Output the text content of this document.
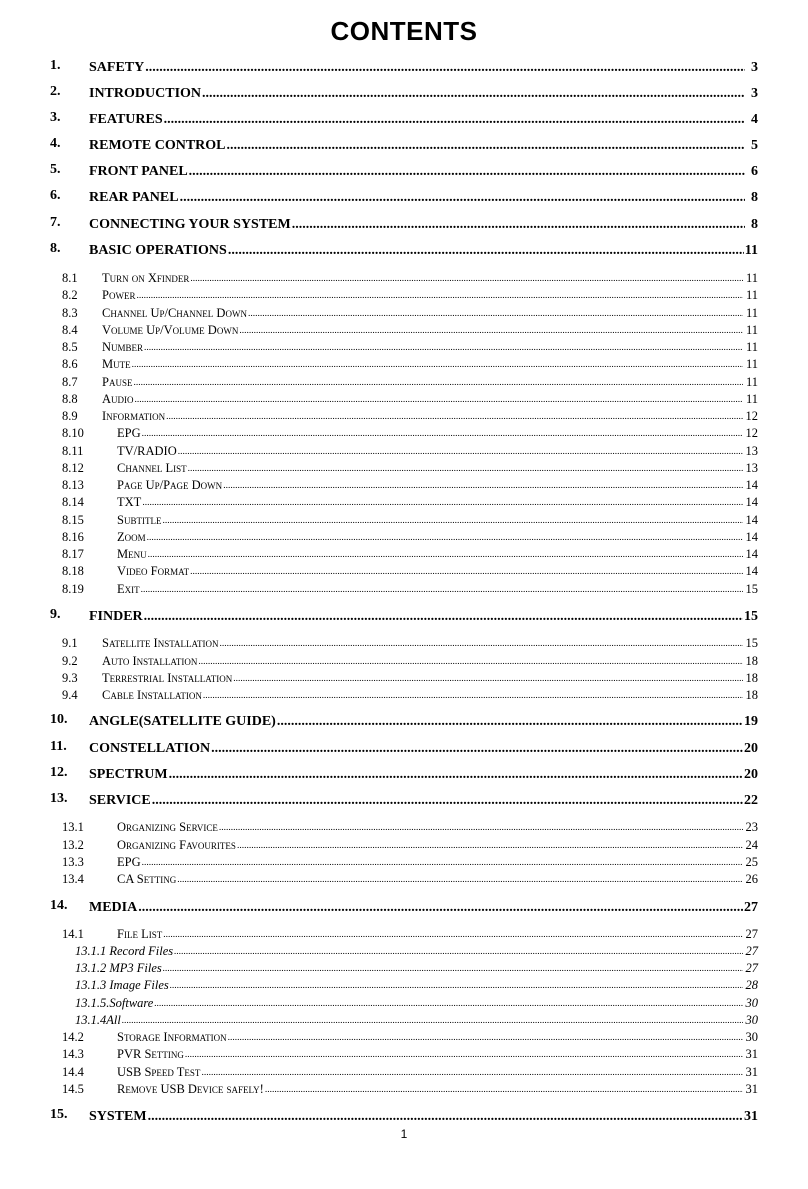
CONTENTS
1. SAFETY .....	3
2. INTRODUCTION .....	3
3. FEATURES .....	4
4. REMOTE CONTROL .....	5
5. FRONT PANEL .....	6
6. REAR PANEL .....	8
7. CONNECTING YOUR SYSTEM .....	8
8. BASIC OPERATIONS .....	11
8.1	Turn on Xfinder .....	11
8.2	Power .....	11
8.3	Channel Up/Channel Down .....	11
8.4	Volume Up/Volume Down .....	11
8.5	Number .....	11
8.6	Mute .....	11
8.7	Pause .....	11
8.8	Audio .....	11
8.9	Information .....	12
8.10	EPG .....	12
8.11	TV/RADIO .....	13
8.12	Channel List .....	13
8.13	Page Up/Page Down .....	14
8.14	TXT .....	14
8.15	Subtitle .....	14
8.16	Zoom .....	14
8.17	Menu .....	14
8.18	Video Format .....	14
8.19	Exit .....	15
9. FINDER .....	15
9.1	Satellite Installation .....	15
9.2	Auto Installation .....	18
9.3	Terrestrial Installation .....	18
9.4	Cable Installation .....	18
10. ANGLE(SATELLITE GUIDE) .....	19
11. CONSTELLATION .....	20
12. SPECTRUM .....	20
13. SERVICE .....	22
13.1	Organizing Service .....	23
13.2	Organizing Favourites .....	24
13.3	EPG .....	25
13.4	CA Setting .....	26
14. MEDIA .....	27
14.1	File List .....	27
13.1.1 Record Files .....	27
13.1.2 MP3 Files .....	27
13.1.3 Image Files .....	28
13.1.5.Software .....	30
13.1.4All .....	30
14.2	Storage Information .....	30
14.3	PVR Setting .....	31
14.4	USB Speed Test .....	31
14.5	Remove USB Device safely! .....	31
15. SYSTEM .....	31
1
